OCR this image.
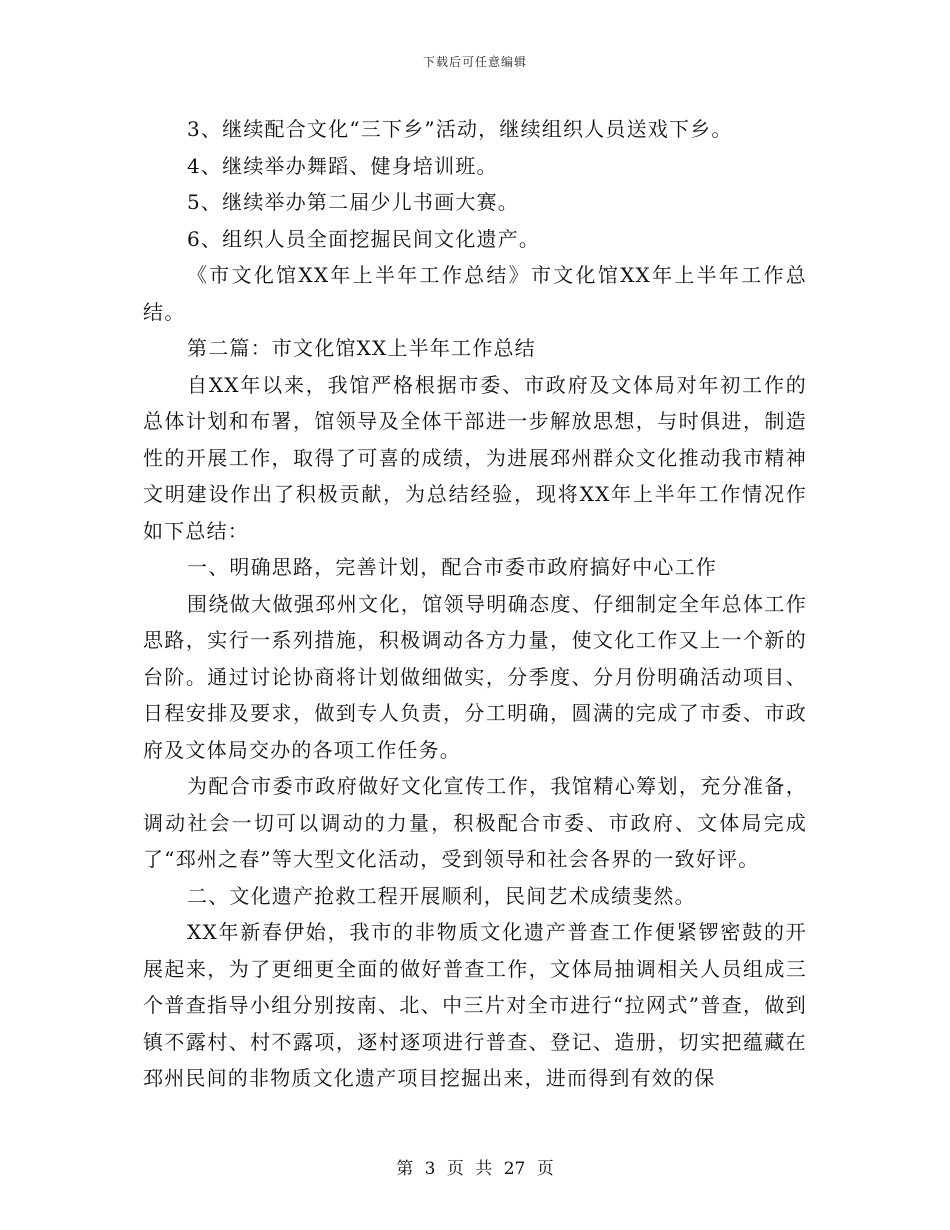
下载后可任意编辑

3、继续配合文化“三下乡”活动，继续组织人员送戏下乡。

4、继续举办舞蹈、健身培训班。

5、继续举办第二届少儿书画大赛。

6、组织人员全面挖掘民间文化遗产。

《市文化馆XX年上半年工作总结》市文化馆XX年上半年工作总结。

第二篇：市文化馆XX上半年工作总结

自XX年以来，我馆严格根据市委、市政府及文体局对年初工作的总体计划和布署，馆领导及全体干部进一步解放思想，与时俱进，制造性的开展工作，取得了可喜的成绩，为进展邳州群众文化推动我市精神文明建设作出了积极贡献，为总结经验，现将XX年上半年工作情况作如下总结：

一、明确思路，完善计划，配合市委市政府搞好中心工作

围绕做大做强邳州文化，馆领导明确态度、仔细制定全年总体工作思路，实行一系列措施，积极调动各方力量，使文化工作又上一个新的台阶。通过讨论协商将计划做细做实，分季度、分月份明确活动项目、日程安排及要求，做到专人负责，分工明确，圆满的完成了市委、市政府及文体局交办的各项工作任务。

为配合市委市政府做好文化宣传工作，我馆精心筹划，充分准备，调动社会一切可以调动的力量，积极配合市委、市政府、文体局完成了“邳州之春”等大型文化活动，受到领导和社会各界的一致好评。

二、文化遗产抢救工程开展顺利，民间艺术成绩斐然。

XX年新春伊始，我市的非物质文化遗产普查工作便紧锣密鼓的开展起来，为了更细更全面的做好普查工作，文体局抽调相关人员组成三个普查指导小组分别按南、北、中三片对全市进行“拉网式”普查，做到镇不露村、村不露项，逐村逐项进行普查、登记、造册，切实把蕴藏在邳州民间的非物质文化遗产项目挖掘出来，进而得到有效的保

第 3 页 共 27 页
